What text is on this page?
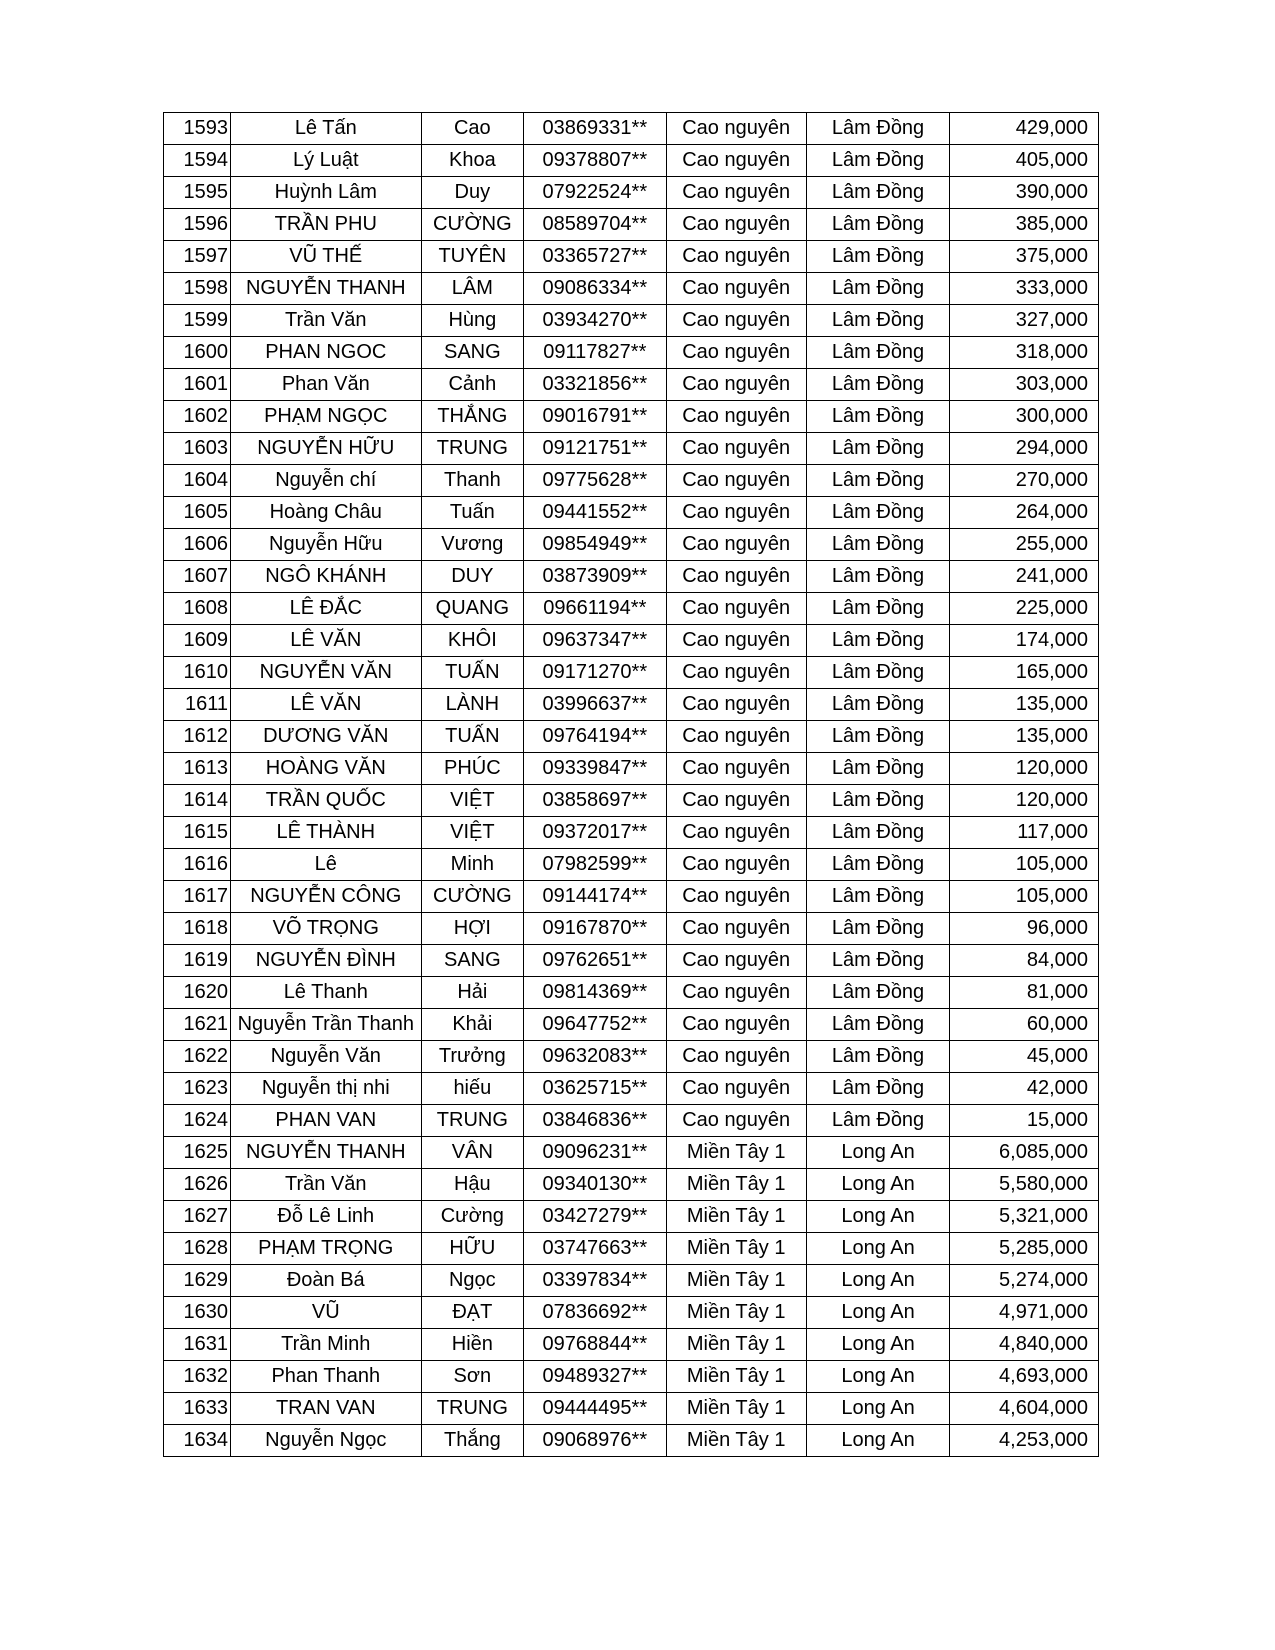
1593	Lê Tấn	Cao	03869331**	Cao nguyên	Lâm Đồng	429,000
1594	Lý Luật	Khoa	09378807**	Cao nguyên	Lâm Đồng	405,000
1595	Huỳnh Lâm	Duy	07922524**	Cao nguyên	Lâm Đồng	390,000
1596	TRẦN PHU	CƯỜNG	08589704**	Cao nguyên	Lâm Đồng	385,000
1597	VŨ THẾ	TUYÊN	03365727**	Cao nguyên	Lâm Đồng	375,000
1598	NGUYỄN THANH	LÂM	09086334**	Cao nguyên	Lâm Đồng	333,000
1599	Trần Văn	Hùng	03934270**	Cao nguyên	Lâm Đồng	327,000
1600	PHAN NGOC	SANG	09117827**	Cao nguyên	Lâm Đồng	318,000
1601	Phan Văn	Cảnh	03321856**	Cao nguyên	Lâm Đồng	303,000
1602	PHẠM NGỌC	THẮNG	09016791**	Cao nguyên	Lâm Đồng	300,000
1603	NGUYỄN HỮU	TRUNG	09121751**	Cao nguyên	Lâm Đồng	294,000
1604	Nguyễn chí	Thanh	09775628**	Cao nguyên	Lâm Đồng	270,000
1605	Hoàng Châu	Tuấn	09441552**	Cao nguyên	Lâm Đồng	264,000
1606	Nguyễn Hữu	Vương	09854949**	Cao nguyên	Lâm Đồng	255,000
1607	NGÔ KHÁNH	DUY	03873909**	Cao nguyên	Lâm Đồng	241,000
1608	LÊ ĐẮC	QUANG	09661194**	Cao nguyên	Lâm Đồng	225,000
1609	LÊ VĂN	KHÔI	09637347**	Cao nguyên	Lâm Đồng	174,000
1610	NGUYỄN VĂN	TUẤN	09171270**	Cao nguyên	Lâm Đồng	165,000
1611	LÊ VĂN	LÀNH	03996637**	Cao nguyên	Lâm Đồng	135,000
1612	DƯƠNG VĂN	TUẤN	09764194**	Cao nguyên	Lâm Đồng	135,000
1613	HOÀNG VĂN	PHÚC	09339847**	Cao nguyên	Lâm Đồng	120,000
1614	TRẦN QUỐC	VIỆT	03858697**	Cao nguyên	Lâm Đồng	120,000
1615	LÊ THÀNH	VIỆT	09372017**	Cao nguyên	Lâm Đồng	117,000
1616	Lê	Minh	07982599**	Cao nguyên	Lâm Đồng	105,000
1617	NGUYỄN CÔNG	CƯỜNG	09144174**	Cao nguyên	Lâm Đồng	105,000
1618	VÕ TRỌNG	HỢI	09167870**	Cao nguyên	Lâm Đồng	96,000
1619	NGUYỄN ĐÌNH	SANG	09762651**	Cao nguyên	Lâm Đồng	84,000
1620	Lê Thanh	Hải	09814369**	Cao nguyên	Lâm Đồng	81,000
1621	Nguyễn Trần Thanh	Khải	09647752**	Cao nguyên	Lâm Đồng	60,000
1622	Nguyễn Văn	Trưởng	09632083**	Cao nguyên	Lâm Đồng	45,000
1623	Nguyễn thị nhi	hiếu	03625715**	Cao nguyên	Lâm Đồng	42,000
1624	PHAN VAN	TRUNG	03846836**	Cao nguyên	Lâm Đồng	15,000
1625	NGUYỄN THANH	VÂN	09096231**	Miền Tây 1	Long An	6,085,000
1626	Trần Văn	Hậu	09340130**	Miền Tây 1	Long An	5,580,000
1627	Đỗ Lê Linh	Cường	03427279**	Miền Tây 1	Long An	5,321,000
1628	PHẠM TRỌNG	HỮU	03747663**	Miền Tây 1	Long An	5,285,000
1629	Đoàn Bá	Ngọc	03397834**	Miền Tây 1	Long An	5,274,000
1630	VŨ	ĐẠT	07836692**	Miền Tây 1	Long An	4,971,000
1631	Trần Minh	Hiền	09768844**	Miền Tây 1	Long An	4,840,000
1632	Phan Thanh	Sơn	09489327**	Miền Tây 1	Long An	4,693,000
1633	TRAN VAN	TRUNG	09444495**	Miền Tây 1	Long An	4,604,000
1634	Nguyễn Ngọc	Thắng	09068976**	Miền Tây 1	Long An	4,253,000
